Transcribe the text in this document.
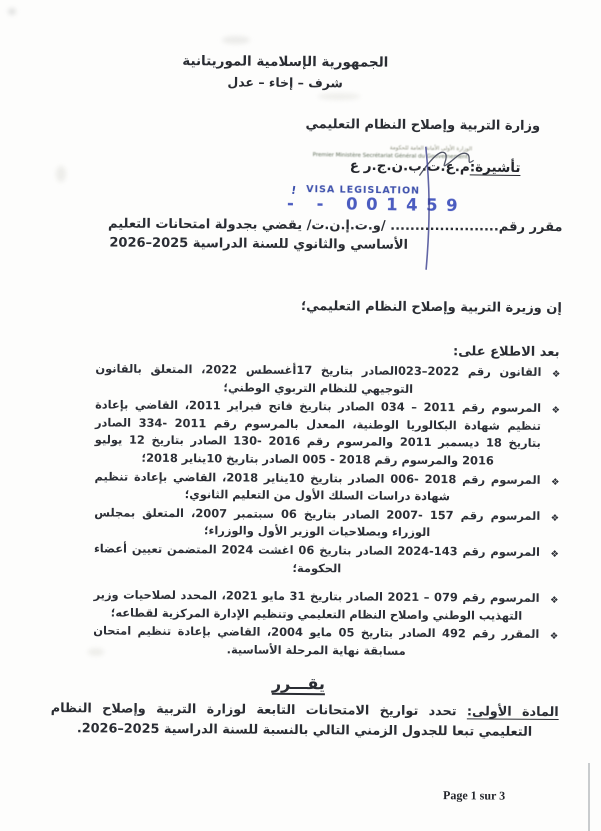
الجمهورية الإسلامية الموريتانية
شرف – إخاء – عدل
وزارة التربية وإصلاح النظام التعليمي
الوزارة الأولى الأمانة العامة للحكومة
Premier Ministère Secrétariat Général du Gouvernement
تأشيرة:م.ع.ت.ب.ن.ج.ر ع
! VISA LEGISLATION
- - 001459
مقرر رقم...................... /و.ت.إ.ن.ت/ يقضي بجدولة امتحانات التعليم
الأساسي والثانوي للسنة الدراسية 2025–2026
إن وزيرة التربية وإصلاح النظام التعليمي؛
بعد الاطلاع على:
❖
القانون رقم 2022–023الصادر بتاريخ 17أغسطس 2022، المتعلق بالقانون التوجيهي للنظام التربوي الوطني؛
❖
المرسوم رقم 2011 – 034 الصادر بتاريخ فاتح فبراير 2011، القاضي بإعادة تنظيم شهادة البكالوريا الوطنية، المعدل بالمرسوم رقم 2011 -334 الصادر بتاريخ 18 ديسمبر 2011 والمرسوم رقم 2016 -130 الصادر بتاريخ 12 يوليو 2016 والمرسوم رقم 2018 - 005 الصادر بتاريخ 10يناير 2018؛
❖
المرسوم رقم 2018 -006 الصادر بتاريخ 10يناير 2018، القاضي بإعادة تنظيم شهادة دراسات السلك الأول من التعليم الثانوي؛
❖
المرسوم رقم 157 -2007 الصادر بتاريخ 06 سبتمبر 2007، المتعلق بمجلس الوزراء وبصلاحيات الوزير الأول والوزراء؛
❖
المرسوم رقم 143-2024 الصادر بتاريخ 06 اغشت 2024 المتضمن تعيين أعضاء الحكومة؛
❖
المرسوم رقم 079 – 2021 الصادر بتاريخ 31 مايو 2021، المحدد لصلاحيات وزير التهذيب الوطني واصلاح النظام التعليمي وتنظيم الإدارة المركزية لقطاعه؛
❖
المقرر رقم 492 الصادر بتاريخ 05 مايو 2004، القاضي بإعادة تنظيم امتحان مسابقة نهاية المرحلة الأساسية.
يقـــرر
المادة الأولى: تحدد تواريخ الامتحانات التابعة لوزارة التربية وإصلاح النظام التعليمي تبعا للجدول الزمني التالي بالنسبة للسنة الدراسية 2025–2026.
Page 1 sur 3
